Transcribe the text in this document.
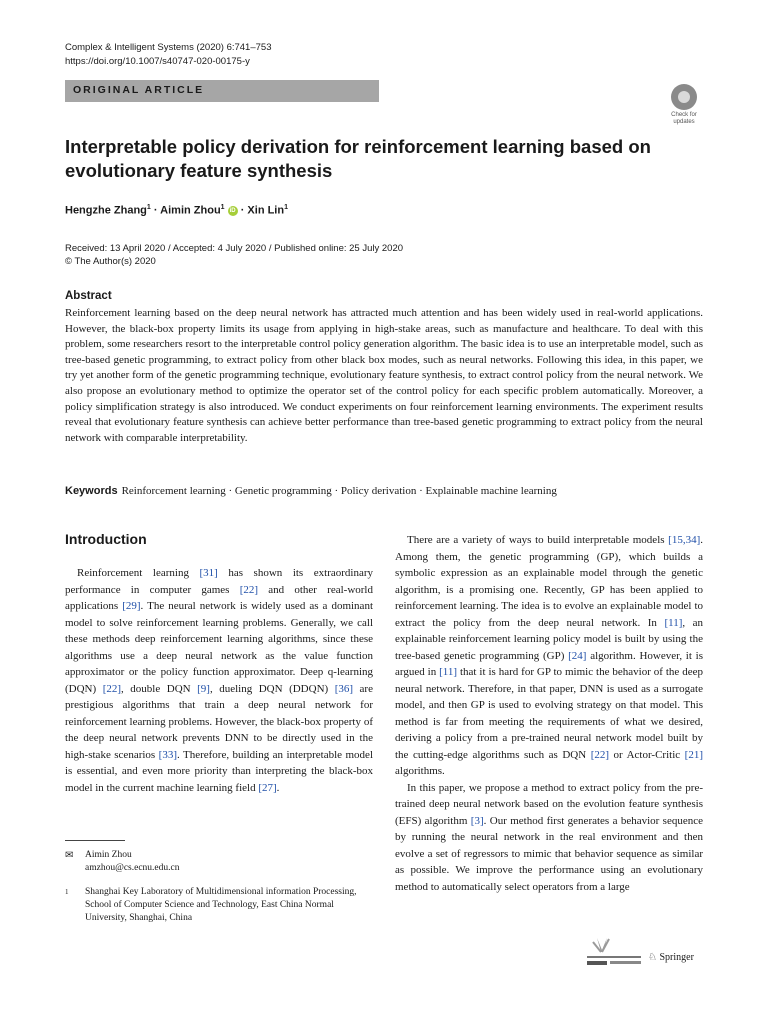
Complex & Intelligent Systems (2020) 6:741–753
https://doi.org/10.1007/s40747-020-00175-y
ORIGINAL ARTICLE
Check for updates
Interpretable policy derivation for reinforcement learning based on evolutionary feature synthesis
Hengzhe Zhang$^1$ · Aimin Zhou$^1$ iD · Xin Lin$^1$
Received: 13 April 2020 / Accepted: 4 July 2020 / Published online: 25 July 2020
© The Author(s) 2020
Abstract
Reinforcement learning based on the deep neural network has attracted much attention and has been widely used in real-world applications. However, the black-box property limits its usage from applying in high-stake areas, such as manufacture and healthcare. To deal with this problem, some researchers resort to the interpretable control policy generation algorithm. The basic idea is to use an interpretable model, such as tree-based genetic programming, to extract policy from other black box modes, such as neural networks. Following this idea, in this paper, we try yet another form of the genetic programming technique, evolutionary feature synthesis, to extract control policy from the neural network. We also propose an evolutionary method to optimize the operator set of the control policy for each specific problem automatically. Moreover, a policy simplification strategy is also introduced. We conduct experiments on four reinforcement learning environments. The experiment results reveal that evolutionary feature synthesis can achieve better performance than tree-based genetic programming to extract policy from the neural network with comparable interpretability.
Keywords Reinforcement learning · Genetic programming · Policy derivation · Explainable machine learning
Introduction

Reinforcement learning [31] has shown its extraordinary performance in computer games [22] and other real-world applications [29]. The neural network is widely used as a dominant model to solve reinforcement learning problems. Generally, we call these methods deep reinforcement learning algorithms, since these algorithms use a deep neural network as the value function approximator or the policy function approximator. Deep q-learning (DQN) [22], double DQN [9], dueling DQN (DDQN) [36] are prestigious algorithms that train a deep neural network for reinforcement learning problems. However, the black-box property of the deep neural network prevents DNN to be directly used in the high-stake scenarios [33]. Therefore, building an interpretable model is essential, and even more priority than interpreting the black-box model in the current machine learning field [27].

There are a variety of ways to build interpretable models [15,34]. Among them, the genetic programming (GP), which builds a symbolic expression as an explainable model through the genetic algorithm, is a promising one. Recently, GP has been applied to reinforcement learning. The idea is to evolve an explainable model to extract the policy from the deep neural network. In [11], an explainable reinforcement learning policy model is built by using the tree-based genetic programming (GP) [24] algorithm. However, it is argued in [11] that it is hard for GP to mimic the behavior of the deep neural network. Therefore, in that paper, DNN is used as a surrogate model, and then GP is used to evolving strategy on that model. This method is far from meeting the requirements of what we desired, deriving a policy from a pre-trained neural network model built by the cutting-edge algorithms such as DQN [22] or Actor-Critic [21] algorithms.

In this paper, we propose a method to extract policy from the pre-trained deep neural network based on the evolution feature synthesis (EFS) algorithm [3]. Our method first generates a behavior sequence by running the neural network in the real environment and then evolve a set of regressors to mimic that behavior sequence as similar as possible. We improve the performance using an evolutionary method to automatically select operators from a large

✉ Aimin Zhou
amzhou@cs.ecnu.edu.cn
1 Shanghai Key Laboratory of Multidimensional information Processing, School of Computer Science and Technology, East China Normal University, Shanghai, China
♘ Springer
